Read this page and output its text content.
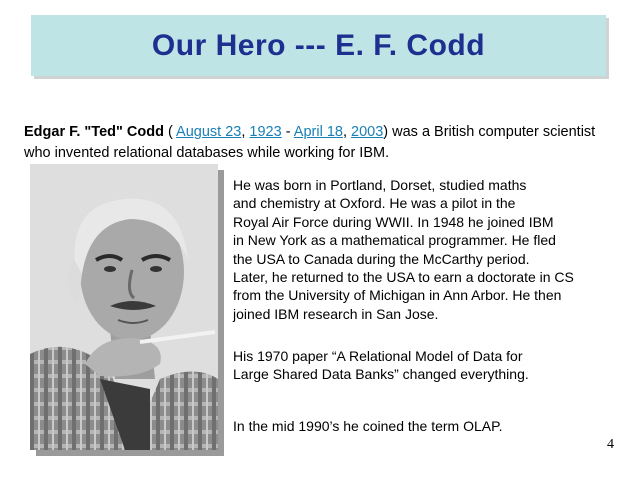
Our Hero --- E. F. Codd
Edgar F. "Ted" Codd ( August 23, 1923 - April 18, 2003) was a British computer scientist who invented relational databases while working for IBM.
He was born in Portland, Dorset, studied maths
and chemistry at Oxford. He was a pilot in the
Royal Air Force during WWII. In 1948 he joined IBM
in New York as a mathematical programmer. He fled
the USA to Canada during the McCarthy period.
Later, he returned to the USA to earn a doctorate in CS
from the University of Michigan in Ann Arbor. He then
joined IBM research in San Jose.
His 1970 paper “A Relational Model of Data for
Large Shared Data Banks” changed everything.
In the mid 1990’s he coined the term OLAP.
4
